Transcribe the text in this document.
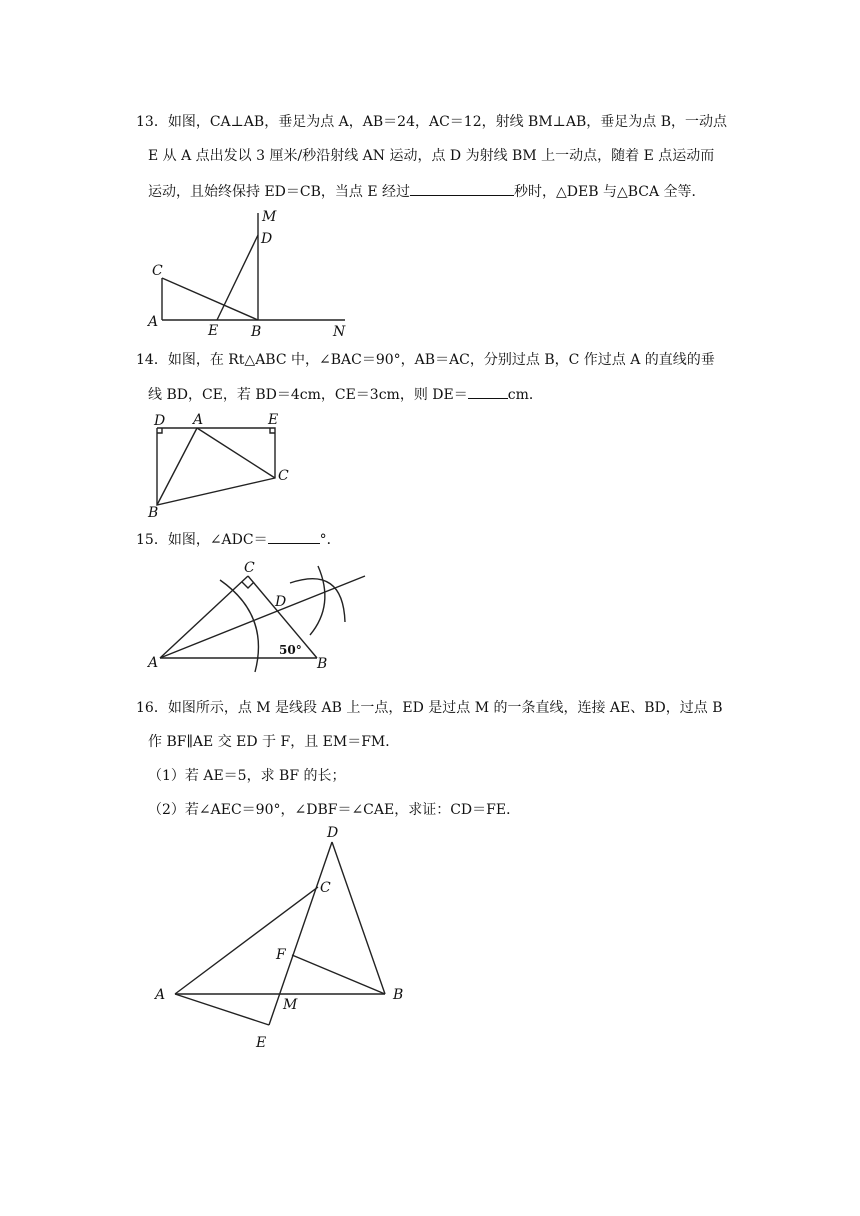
13．如图，CA⊥AB，垂足为点 A，AB＝24，AC＝12，射线 BM⊥AB，垂足为点 B，一动点
E 从 A 点出发以 3 厘米/秒沿射线 AN 运动，点 D 为射线 BM 上一动点，随着 E 点运动而
运动，且始终保持 ED＝CB，当点 E 经过	秒时，△DEB 与△BCA 全等．
M
D
C
A
E B	N
14．如图，在 Rt△ABC 中，∠BAC＝90°，AB＝AC，分别过点 B，C 作过点 A 的直线的垂
线 BD，CE，若 BD＝4cm，CE＝3cm，则 DE＝	cm．
D A	E
C
B
15．如图，∠ADC＝	°．
C
D
A	B
50°
16．如图所示，点 M 是线段 AB 上一点，ED 是过点 M 的一条直线，连接 AE、BD，过点 B
作 BF∥AE 交 ED 于 F，且 EM＝FM．
（1）若 AE＝5，求 BF 的长；
（2）若∠AEC＝90°，∠DBF＝∠CAE，求证：CD＝FE．
D
C
F
A
M
B
E
